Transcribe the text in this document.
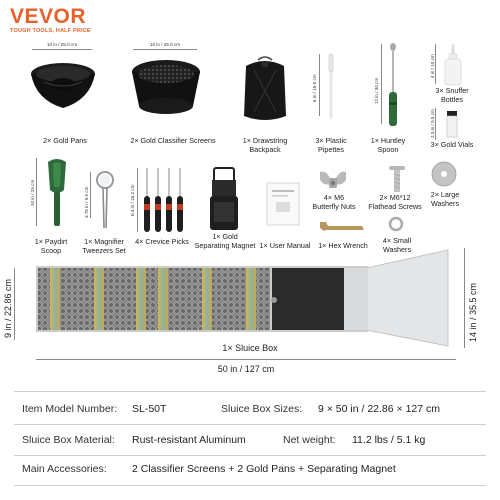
VEVOR
TOUGH TOOLS, HALF PRICE
10 in / 25.0 cm
2× Gold Pans
10 in / 25.0 cm
2× Gold Classifier Screens	1× Drawstring
Backpack
6 in / 15.0 cm
3× Plastic
Pipettes
12 in / 30 cm
1× Huntley
Spoon
4 in / 10 cm
3× Snuffer
Bottles
2.3 in / 5.5 cm
3× Gold Vials
10 in / 25 cm
1× Paydirt
Scoop
3.75 in / 9.5 cm
1× Magnifier
Tweezers Set
6.4 in / 16.2 cm
4× Crevice Picks
1× Gold
Separating Magnet 1× User Manual
4× M6
Butterfly Nuts
2× M6*12
Flathead Screws
2× Large
Washers
1× Hex Wrench
4× Small
Washers
9 in / 22.86 cm	14 in / 35.5 cm
1× Sluice Box
50 in / 127 cm
Item Model Number: SL-50T	Sluice Box Sizes: 9 × 50 in / 22.86 × 127 cm
Sluice Box Material: Rust-resistant Aluminum	Net weight: 11.2 lbs / 5.1 kg
Main Accessories: 2 Classifier Screens + 2 Gold Pans + Separating Magnet
